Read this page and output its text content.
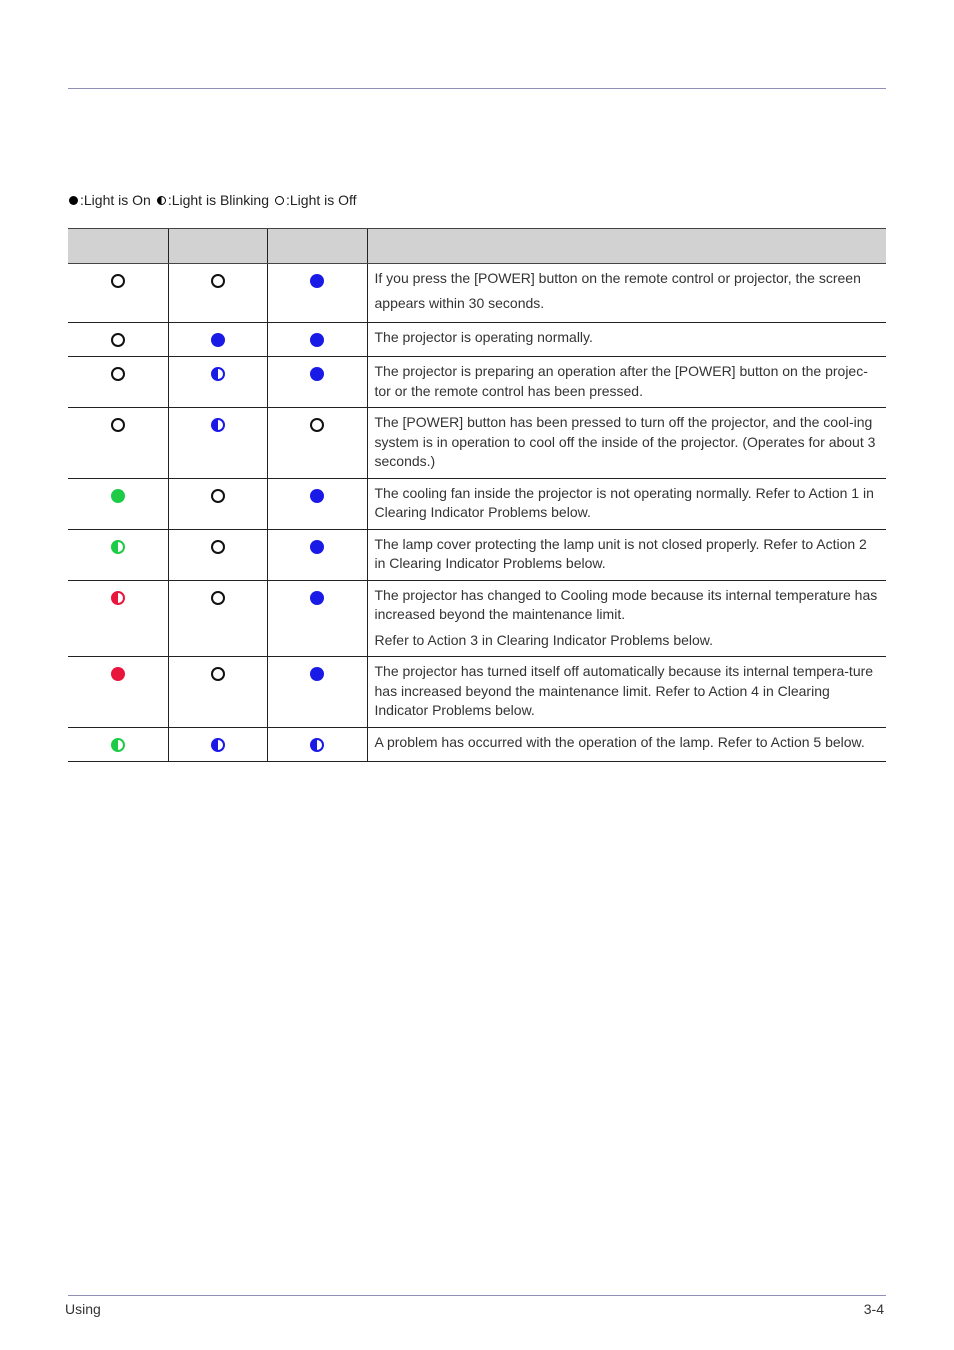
:Light is On :Light is Blinking :Light is Off

			If you press the [POWER] button on the remote control or projector, the screen appears within 30 seconds.

			The projector is operating normally.

			The projector is preparing an operation after the [POWER] button on the projec-tor or the remote control has been pressed.

			The [POWER] button has been pressed to turn off the projector, and the cool-ing system is in operation to cool off the inside of the projector. (Operates for about 3 seconds.)

			The cooling fan inside the projector is not operating normally. Refer to Action 1 in Clearing Indicator Problems below.

			The lamp cover protecting the lamp unit is not closed properly. Refer to Action 2 in Clearing Indicator Problems below.

			The projector has changed to Cooling mode because its internal temperature has increased beyond the maintenance limit.

Refer to Action 3 in Clearing Indicator Problems below.

			The projector has turned itself off automatically because its internal tempera-ture has increased beyond the maintenance limit. Refer to Action 4 in Clearing Indicator Problems below.

			A problem has occurred with the operation of the lamp. Refer to Action 5 below.

Using	3-4
